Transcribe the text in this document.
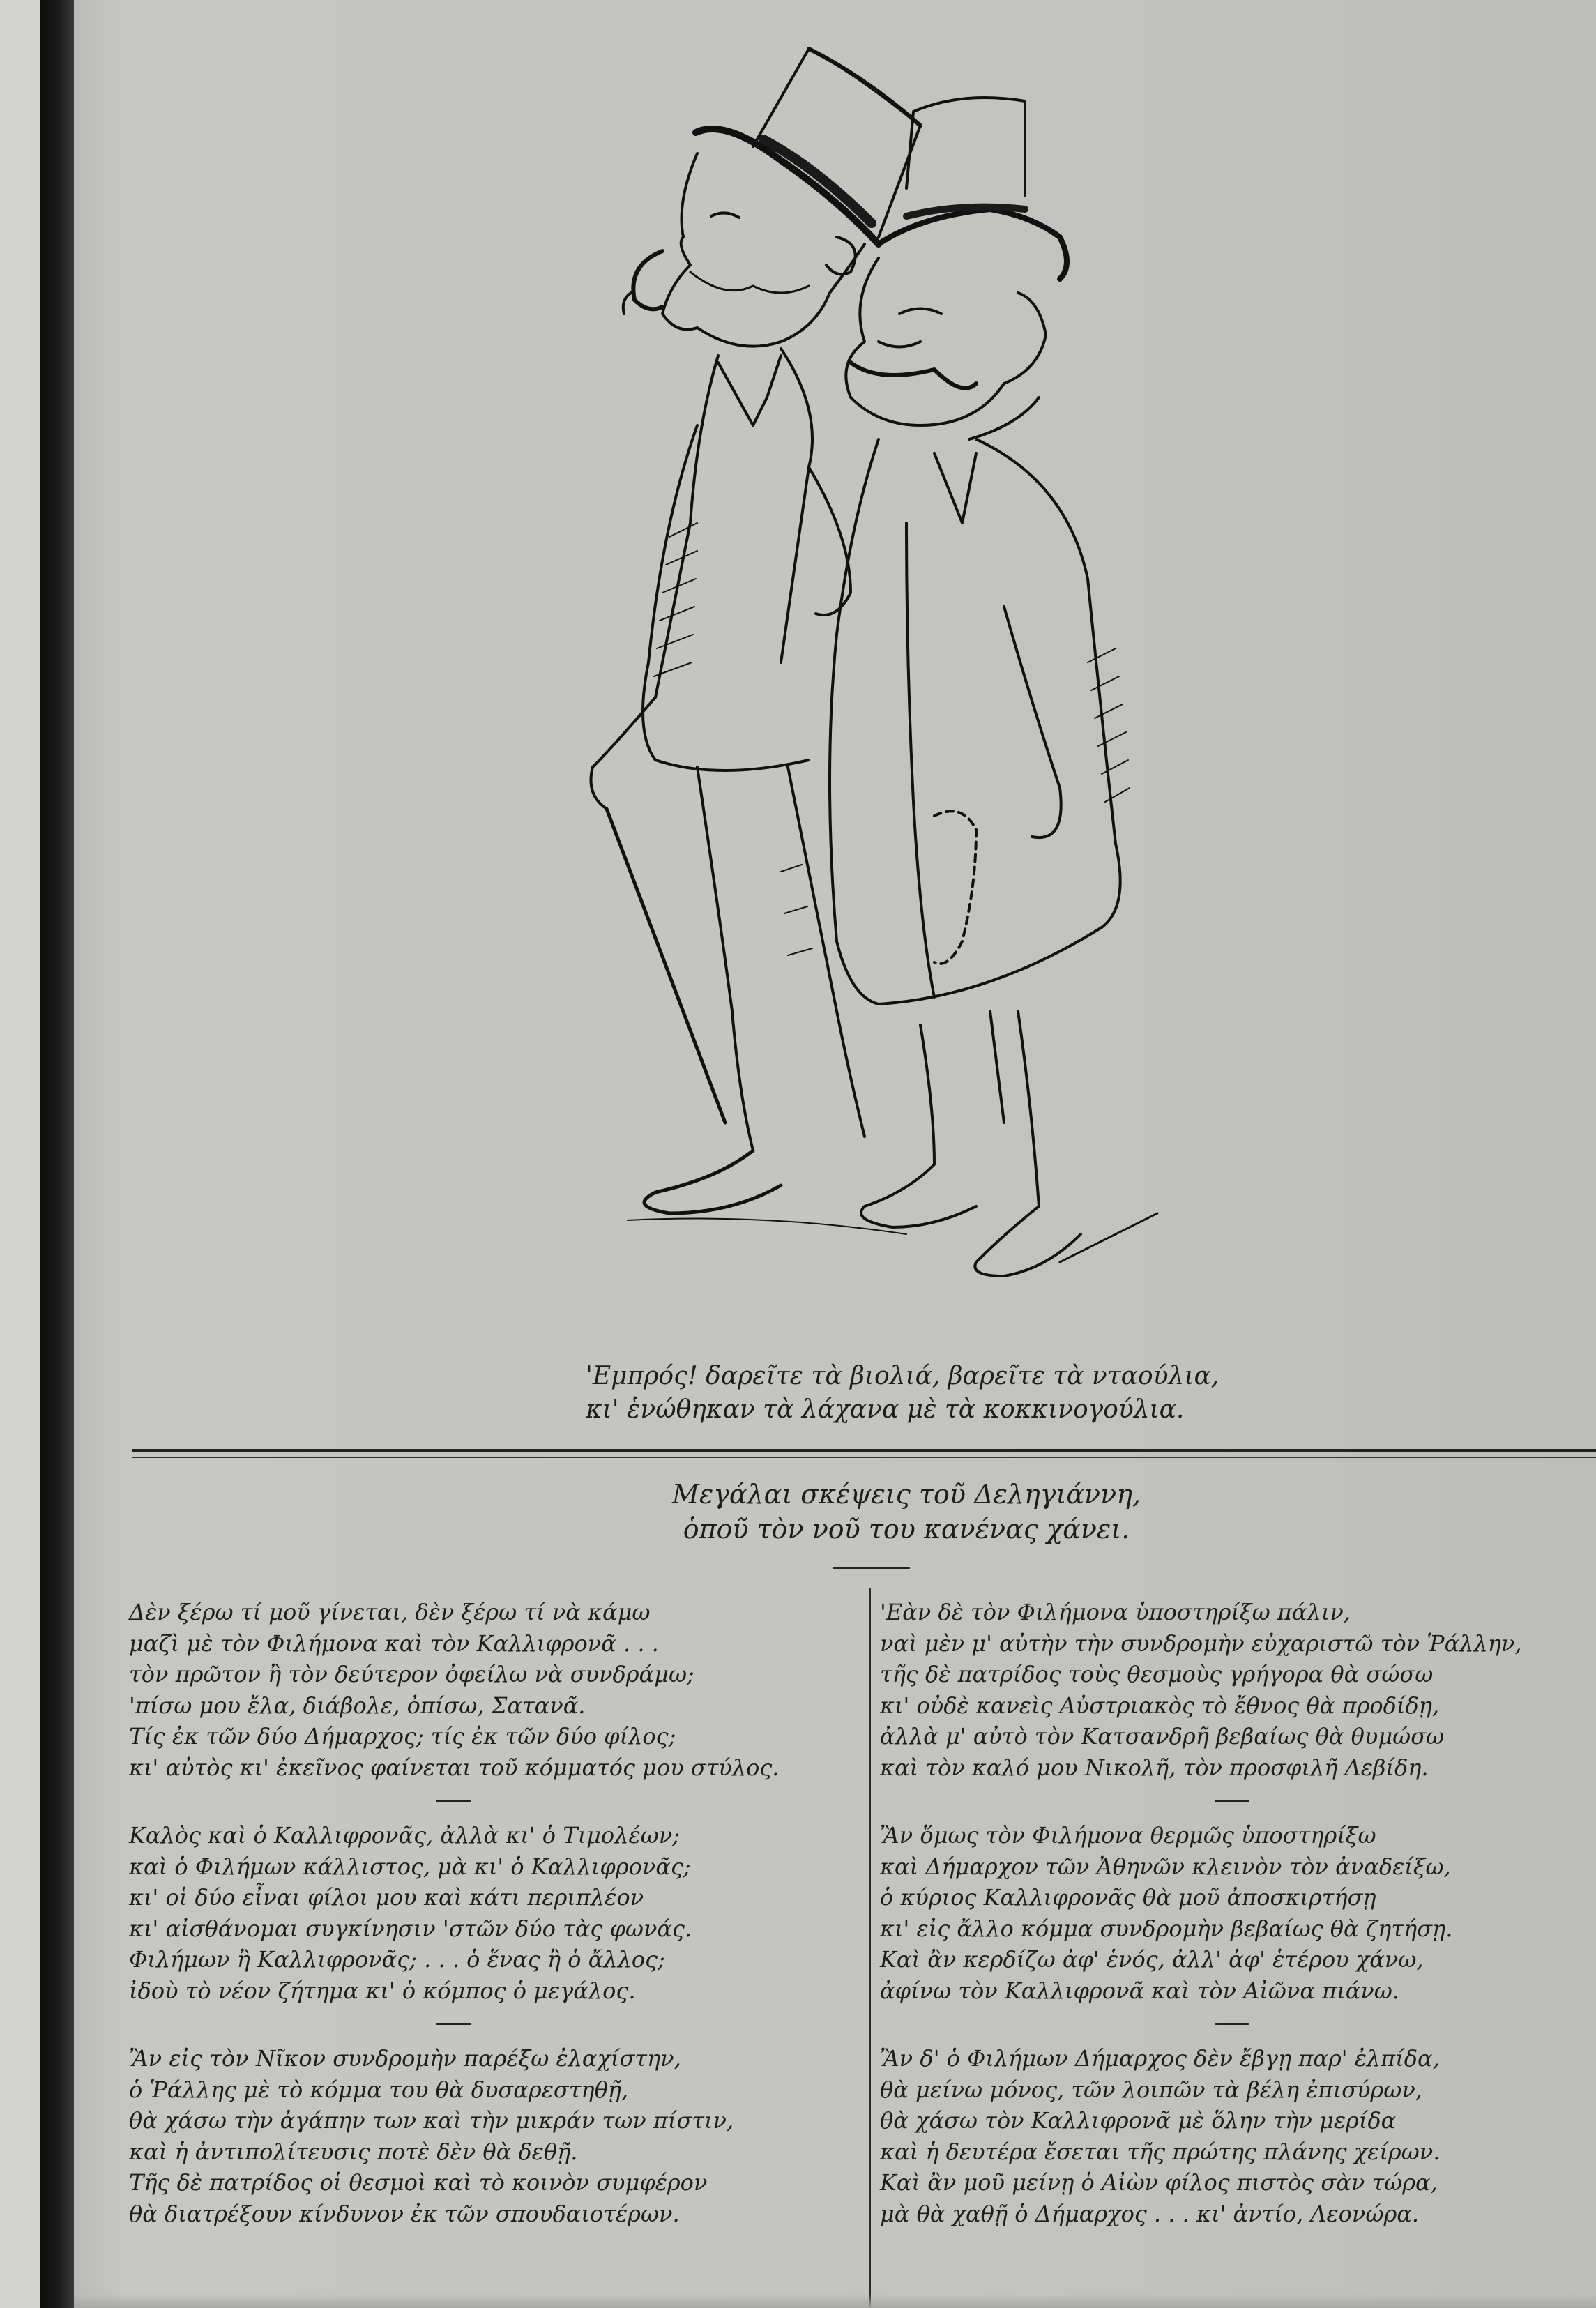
'Εμπρός! δαρεῖτε τὰ βιολιά, βαρεῖτε τὰ νταούλια,
κι' ἑνώθηκαν τὰ λάχανα μὲ τὰ κοκκινογούλια.
Μεγάλαι σκέψεις τοῦ Δεληγιάννη,
ὁποῦ τὸν νοῦ του κανένας χάνει.
Δὲν ξέρω τί μοῦ γίνεται, δὲν ξέρω τί νὰ κάμω
μαζὶ μὲ τὸν Φιλήμονα καὶ τὸν Καλλιφρονᾶ . . .
τὸν πρῶτον ἢ τὸν δεύτερον ὀφείλω νὰ συνδράμω;
'πίσω μου ἔλα, διάβολε, ὀπίσω, Σατανᾶ.
Τίς ἐκ τῶν δύο Δήμαρχος; τίς ἐκ τῶν δύο φίλος;
κι' αὐτὸς κι' ἐκεῖνος φαίνεται τοῦ κόμματός μου στύλος.
Καλὸς καὶ ὁ Καλλιφρονᾶς, ἀλλὰ κι' ὁ Τιμολέων;
καὶ ὁ Φιλήμων κάλλιστος, μὰ κι' ὁ Καλλιφρονᾶς;
κι' οἱ δύο εἶναι φίλοι μου καὶ κάτι περιπλέον
κι' αἰσθάνομαι συγκίνησιν 'στῶν δύο τὰς φωνάς.
Φιλήμων ἢ Καλλιφρονᾶς; . . . ὁ ἕνας ἢ ὁ ἄλλος;
ἰδοὺ τὸ νέον ζήτημα κι' ὁ κόμπος ὁ μεγάλος.
Ἂν εἰς τὸν Νῖκον συνδρομὴν παρέξω ἐλαχίστην,
ὁ Ῥάλλης μὲ τὸ κόμμα του θὰ δυσαρεστηθῇ,
θὰ χάσω τὴν ἀγάπην των καὶ τὴν μικράν των πίστιν,
καὶ ἡ ἀντιπολίτευσις ποτὲ δὲν θὰ δεθῇ.
Τῆς δὲ πατρίδος οἱ θεσμοὶ καὶ τὸ κοινὸν συμφέρον
θὰ διατρέξουν κίνδυνον ἐκ τῶν σπουδαιοτέρων.
'Εὰν δὲ τὸν Φιλήμονα ὑποστηρίξω πάλιν,
ναὶ μὲν μ' αὐτὴν τὴν συνδρομὴν εὐχαριστῶ τὸν Ῥάλλην,
τῆς δὲ πατρίδος τοὺς θεσμοὺς γρήγορα θὰ σώσω
κι' οὐδὲ κανεὶς Αὐστριακὸς τὸ ἔθνος θὰ προδίδῃ,
ἀλλὰ μ' αὐτὸ τὸν Κατσανδρῆ βεβαίως θὰ θυμώσω
καὶ τὸν καλό μου Νικολῆ, τὸν προσφιλῆ Λεβίδη.
Ἂν ὅμως τὸν Φιλήμονα θερμῶς ὑποστηρίξω
καὶ Δήμαρχον τῶν Ἀθηνῶν κλεινὸν τὸν ἀναδείξω,
ὁ κύριος Καλλιφρονᾶς θὰ μοῦ ἀποσκιρτήσῃ
κι' εἰς ἄλλο κόμμα συνδρομὴν βεβαίως θὰ ζητήσῃ.
Καὶ ἂν κερδίζω ἀφ' ἑνός, ἀλλ' ἀφ' ἑτέρου χάνω,
ἀφίνω τὸν Καλλιφρονᾶ καὶ τὸν Αἰῶνα πιάνω.
Ἂν δ' ὁ Φιλήμων Δήμαρχος δὲν ἔβγῃ παρ' ἐλπίδα,
θὰ μείνω μόνος, τῶν λοιπῶν τὰ βέλη ἐπισύρων,
θὰ χάσω τὸν Καλλιφρονᾶ μὲ ὅλην τὴν μερίδα
καὶ ἡ δευτέρα ἔσεται τῆς πρώτης πλάνης χείρων.
Καὶ ἂν μοῦ μείνῃ ὁ Αἰὼν φίλος πιστὸς σὰν τώρα,
μὰ θὰ χαθῇ ὁ Δήμαρχος . . . κι' ἀντίο, Λεονώρα.
